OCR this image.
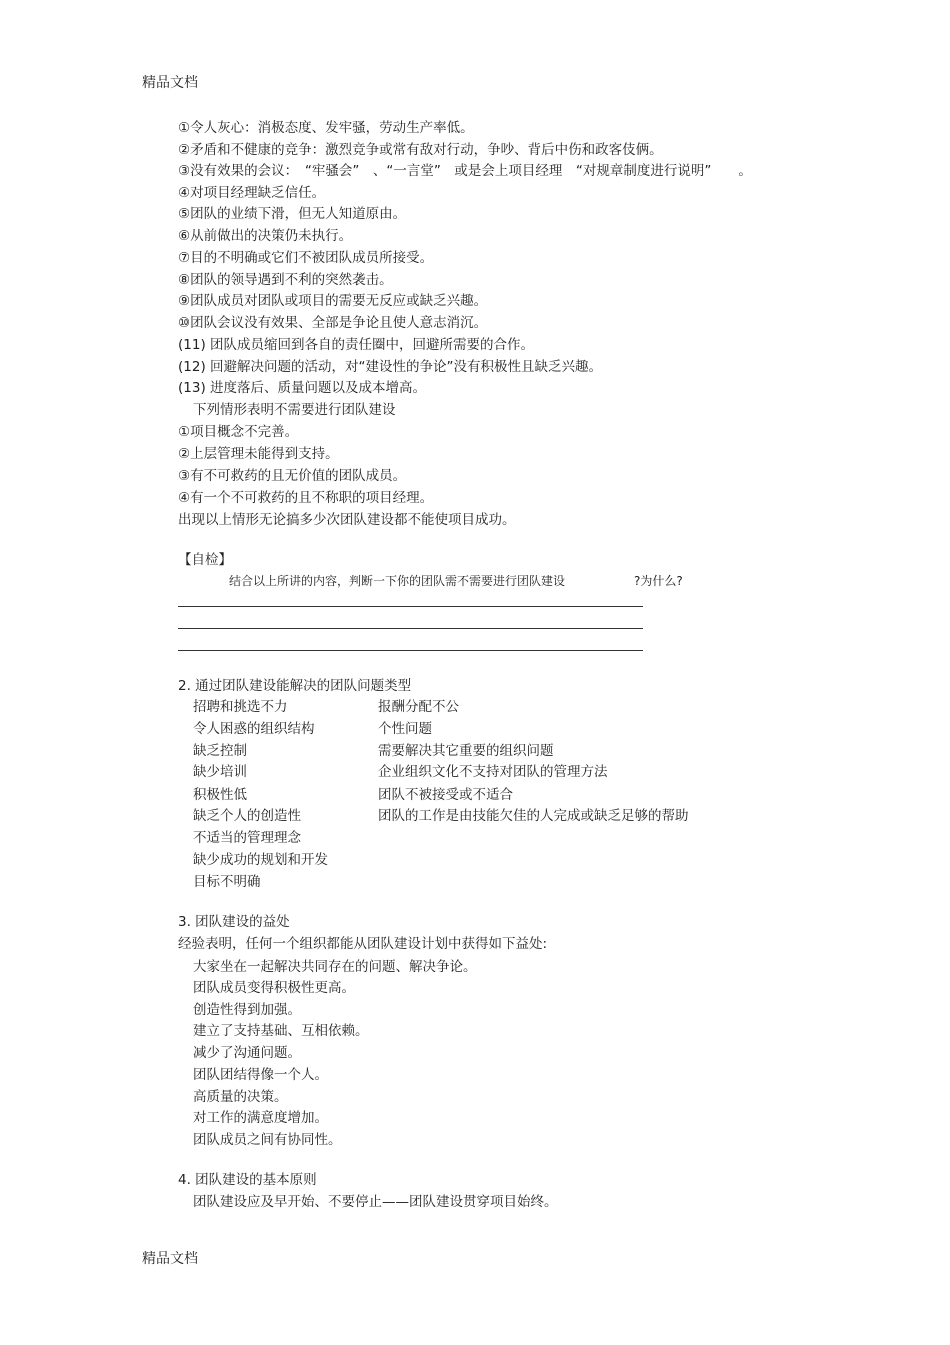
精品文档
①令人灰心：消极态度、发牢骚，劳动生产率低。
②矛盾和不健康的竞争：激烈竞争或常有敌对行动，争吵、背后中伤和政客伎俩。
③没有效果的会议：　“牢骚会”　、“一言堂”　或是会上项目经理　“对规章制度进行说明”　　。
④对项目经理缺乏信任。
⑤团队的业绩下滑，但无人知道原由。
⑥从前做出的决策仍未执行。
⑦目的不明确或它们不被团队成员所接受。
⑧团队的领导遇到不利的突然袭击。
⑨团队成员对团队或项目的需要无反应或缺乏兴趣。
⑩团队会议没有效果、全部是争论且使人意志消沉。
(11) 团队成员缩回到各自的责任圈中，回避所需要的合作。
(12) 回避解决问题的活动，对“建设性的争论”没有积极性且缺乏兴趣。
(13) 进度落后、质量问题以及成本增高。
下列情形表明不需要进行团队建设
①项目概念不完善。
②上层管理未能得到支持。
③有不可救药的且无价值的团队成员。
④有一个不可救药的且不称职的项目经理。
出现以上情形无论搞多少次团队建设都不能使项目成功。
【自检】
结合以上所讲的内容，判断一下你的团队需不需要进行团队建设	?为什么?
2. 通过团队建设能解决的团队问题类型
招聘和挑选不力
令人困惑的组织结构
缺乏控制
缺少培训
积极性低
缺乏个人的创造性
不适当的管理理念
缺少成功的规划和开发
目标不明确
报酬分配不公
个性问题
需要解决其它重要的组织问题
企业组织文化不支持对团队的管理方法
团队不被接受或不适合
团队的工作是由技能欠佳的人完成或缺乏足够的帮助
3. 团队建设的益处
经验表明，任何一个组织都能从团队建设计划中获得如下益处:
大家坐在一起解决共同存在的问题、解决争论。
团队成员变得积极性更高。
创造性得到加强。
建立了支持基础、互相依赖。
减少了沟通问题。
团队团结得像一个人。
高质量的决策。
对工作的满意度增加。
团队成员之间有协同性。
4. 团队建设的基本原则
团队建设应及早开始、不要停止——团队建设贯穿项目始终。
精品文档
